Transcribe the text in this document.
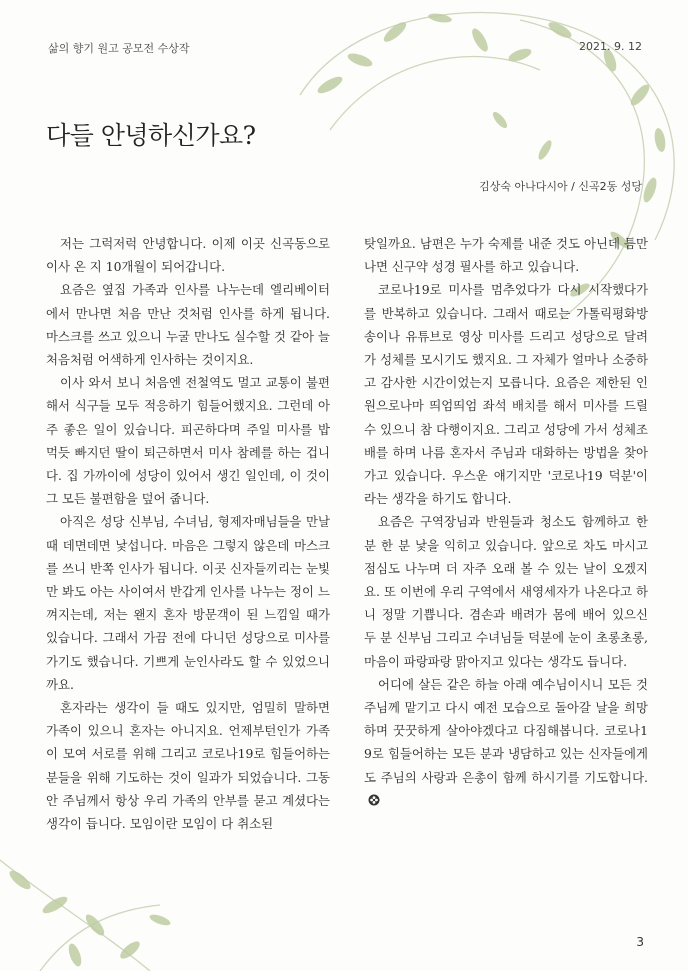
삶의 향기 원고 공모전 수상작	2021. 9. 12
다들 안녕하신가요?
김상숙 아나다시아 / 신곡2동 성당

저는 그럭저럭 안녕합니다. 이제 이곳 신곡동으로 이사 온 지 10개월이 되어갑니다.

요즘은 옆집 가족과 인사를 나누는데 엘리베이터에서 만나면 처음 만난 것처럼 인사를 하게 됩니다. 마스크를 쓰고 있으니 누굴 만나도 실수할 것 같아 늘 처음처럼 어색하게 인사하는 것이지요.

이사 와서 보니 처음엔 전철역도 멀고 교통이 불편해서 식구들 모두 적응하기 힘들어했지요. 그런데 아주 좋은 일이 있습니다. 피곤하다며 주일 미사를 밥 먹듯 빠지던 딸이 퇴근하면서 미사 참례를 하는 겁니다. 집 가까이에 성당이 있어서 생긴 일인데, 이 것이 그 모든 불편함을 덮어 줍니다.

아직은 성당 신부님, 수녀님, 형제자매님들을 만날 때 데면데면 낯섭니다. 마음은 그렇지 않은데 마스크를 쓰니 반쪽 인사가 됩니다. 이곳 신자들끼리는 눈빛만 봐도 아는 사이여서 반갑게 인사를 나누는 정이 느껴지는데, 저는 왠지 혼자 방문객이 된 느낌일 때가 있습니다. 그래서 가끔 전에 다니던 성당으로 미사를 가기도 했습니다. 기쁘게 눈인사라도 할 수 있었으니까요.

혼자라는 생각이 들 때도 있지만, 엄밀히 말하면 가족이 있으니 혼자는 아니지요. 언제부턴인가 가족이 모여 서로를 위해 그리고 코로나19로 힘들어하는 분들을 위해 기도하는 것이 일과가 되었습니다. 그동안 주님께서 항상 우리 가족의 안부를 묻고 계셨다는 생각이 듭니다. 모임이란 모임이 다 취소된

탓일까요. 남편은 누가 숙제를 내준 것도 아닌데 틈만 나면 신구약 성경 필사를 하고 있습니다.

코로나19로 미사를 멈추었다가 다시 시작했다가를 반복하고 있습니다. 그래서 때로는 가톨릭평화방송이나 유튜브로 영상 미사를 드리고 성당으로 달려가 성체를 모시기도 했지요. 그 자체가 얼마나 소중하고 감사한 시간이었는지 모릅니다. 요즘은 제한된 인원으로나마 띄엄띄엄 좌석 배치를 해서 미사를 드릴 수 있으니 참 다행이지요. 그리고 성당에 가서 성체조배를 하며 나름 혼자서 주님과 대화하는 방법을 찾아가고 있습니다. 우스운 얘기지만 '코로나19 덕분'이라는 생각을 하기도 합니다.

요즘은 구역장님과 반원들과 청소도 함께하고 한 분 한 분 낯을 익히고 있습니다. 앞으로 차도 마시고 점심도 나누며 더 자주 오래 볼 수 있는 날이 오겠지요. 또 이번에 우리 구역에서 새영세자가 나온다고 하니 정말 기쁩니다. 겸손과 배려가 몸에 배어 있으신 두 분 신부님 그리고 수녀님들 덕분에 눈이 초롱초롱, 마음이 파랑파랑 맑아지고 있다는 생각도 듭니다.

어디에 살든 같은 하늘 아래 예수님이시니 모든 것 주님께 맡기고 다시 예전 모습으로 돌아갈 날을 희망하며 꿋꿋하게 살아야겠다고 다짐해봅니다. 코로나19로 힘들어하는 모든 분과 냉담하고 있는 신자들에게도 주님의 사랑과 은총이 함께 하시기를 기도합니다.

3
